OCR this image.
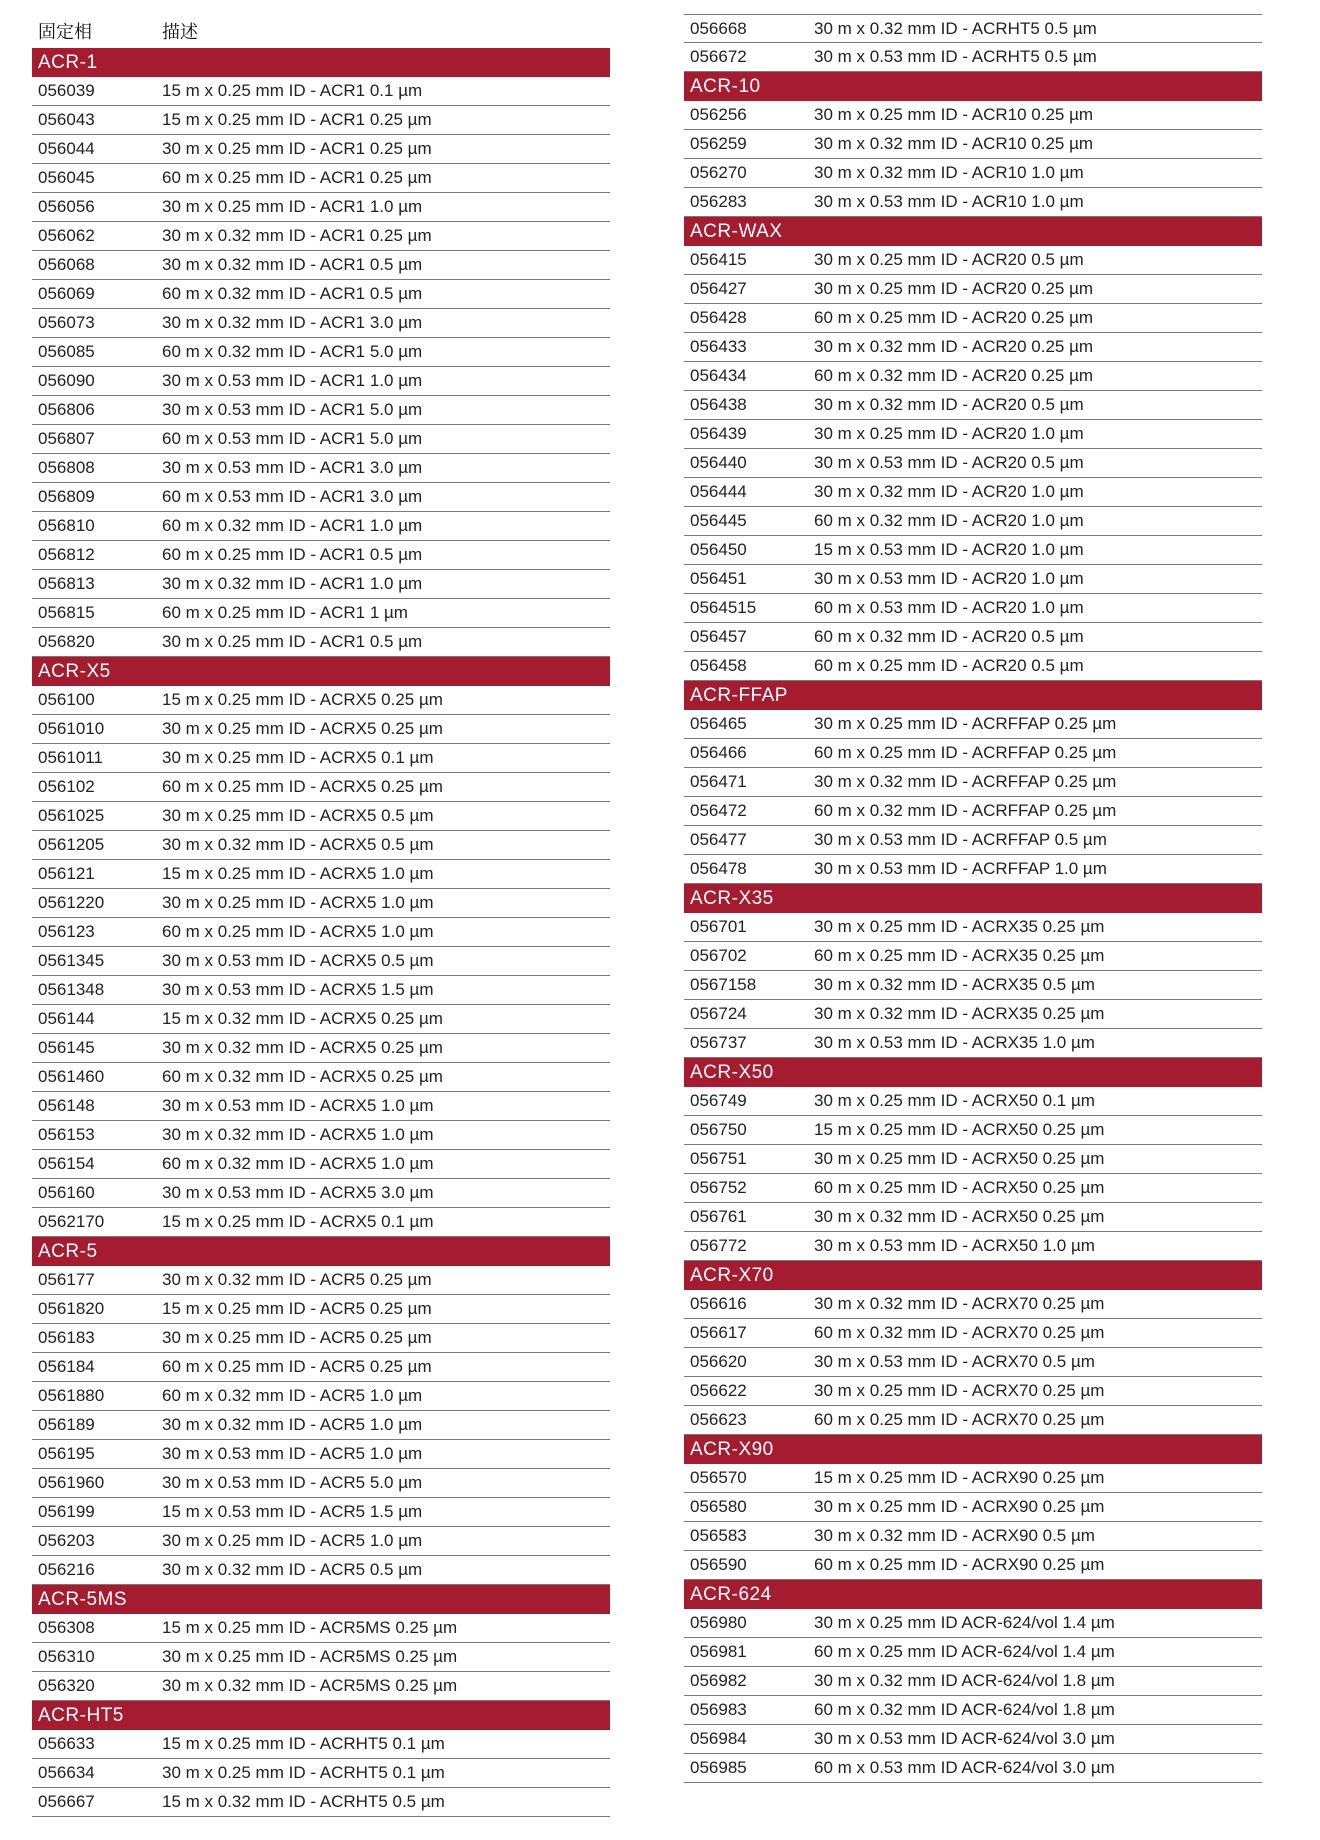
固定相	描述
ACR-1
056039	15 m x 0.25 mm ID - ACR1 0.1 µm
056043	15 m x 0.25 mm ID - ACR1 0.25 µm
056044	30 m x 0.25 mm ID - ACR1 0.25 µm
056045	60 m x 0.25 mm ID - ACR1 0.25 µm
056056	30 m x 0.25 mm ID - ACR1 1.0 µm
056062	30 m x 0.32 mm ID - ACR1 0.25 µm
056068	30 m x 0.32 mm ID - ACR1 0.5 µm
056069	60 m x 0.32 mm ID - ACR1 0.5 µm
056073	30 m x 0.32 mm ID - ACR1 3.0 µm
056085	60 m x 0.32 mm ID - ACR1 5.0 µm
056090	30 m x 0.53 mm ID - ACR1 1.0 µm
056806	30 m x 0.53 mm ID - ACR1 5.0 µm
056807	60 m x 0.53 mm ID - ACR1 5.0 µm
056808	30 m x 0.53 mm ID - ACR1 3.0 µm
056809	60 m x 0.53 mm ID - ACR1 3.0 µm
056810	60 m x 0.32 mm ID - ACR1 1.0 µm
056812	60 m x 0.25 mm ID - ACR1 0.5 µm
056813	30 m x 0.32 mm ID - ACR1 1.0 µm
056815	60 m x 0.25 mm ID - ACR1 1 µm
056820	30 m x 0.25 mm ID - ACR1 0.5 µm
ACR-X5
056100	15 m x 0.25 mm ID - ACRX5 0.25 µm
0561010	30 m x 0.25 mm ID - ACRX5 0.25 µm
0561011	30 m x 0.25 mm ID - ACRX5 0.1 µm
056102	60 m x 0.25 mm ID - ACRX5 0.25 µm
0561025	30 m x 0.25 mm ID - ACRX5 0.5 µm
0561205	30 m x 0.32 mm ID - ACRX5 0.5 µm
056121	15 m x 0.25 mm ID - ACRX5 1.0 µm
0561220	30 m x 0.25 mm ID - ACRX5 1.0 µm
056123	60 m x 0.25 mm ID - ACRX5 1.0 µm
0561345	30 m x 0.53 mm ID - ACRX5 0.5 µm
0561348	30 m x 0.53 mm ID - ACRX5 1.5 µm
056144	15 m x 0.32 mm ID - ACRX5 0.25 µm
056145	30 m x 0.32 mm ID - ACRX5 0.25 µm
0561460	60 m x 0.32 mm ID - ACRX5 0.25 µm
056148	30 m x 0.53 mm ID - ACRX5 1.0 µm
056153	30 m x 0.32 mm ID - ACRX5 1.0 µm
056154	60 m x 0.32 mm ID - ACRX5 1.0 µm
056160	30 m x 0.53 mm ID - ACRX5 3.0 µm
0562170	15 m x 0.25 mm ID - ACRX5 0.1 µm
ACR-5
056177	30 m x 0.32 mm ID - ACR5 0.25 µm
0561820	15 m x 0.25 mm ID - ACR5 0.25 µm
056183	30 m x 0.25 mm ID - ACR5 0.25 µm
056184	60 m x 0.25 mm ID - ACR5 0.25 µm
0561880	60 m x 0.32 mm ID - ACR5 1.0 µm
056189	30 m x 0.32 mm ID - ACR5 1.0 µm
056195	30 m x 0.53 mm ID - ACR5 1.0 µm
0561960	30 m x 0.53 mm ID - ACR5 5.0 µm
056199	15 m x 0.53 mm ID - ACR5 1.5 µm
056203	30 m x 0.25 mm ID - ACR5 1.0 µm
056216	30 m x 0.32 mm ID - ACR5 0.5 µm
ACR-5MS
056308	15 m x 0.25 mm ID - ACR5MS 0.25 µm
056310	30 m x 0.25 mm ID - ACR5MS 0.25 µm
056320	30 m x 0.32 mm ID - ACR5MS 0.25 µm
ACR-HT5
056633	15 m x 0.25 mm ID - ACRHT5 0.1 µm
056634	30 m x 0.25 mm ID - ACRHT5 0.1 µm
056667	15 m x 0.32 mm ID - ACRHT5 0.5 µm
056668	30 m x 0.32 mm ID - ACRHT5 0.5 µm
056672	30 m x 0.53 mm ID - ACRHT5 0.5 µm
ACR-10
056256	30 m x 0.25 mm ID - ACR10 0.25 µm
056259	30 m x 0.32 mm ID - ACR10 0.25 µm
056270	30 m x 0.32 mm ID - ACR10 1.0 µm
056283	30 m x 0.53 mm ID - ACR10 1.0 µm
ACR-WAX
056415	30 m x 0.25 mm ID - ACR20 0.5 µm
056427	30 m x 0.25 mm ID - ACR20 0.25 µm
056428	60 m x 0.25 mm ID - ACR20 0.25 µm
056433	30 m x 0.32 mm ID - ACR20 0.25 µm
056434	60 m x 0.32 mm ID - ACR20 0.25 µm
056438	30 m x 0.32 mm ID - ACR20 0.5 µm
056439	30 m x 0.25 mm ID - ACR20 1.0 µm
056440	30 m x 0.53 mm ID - ACR20 0.5 µm
056444	30 m x 0.32 mm ID - ACR20 1.0 µm
056445	60 m x 0.32 mm ID - ACR20 1.0 µm
056450	15 m x 0.53 mm ID - ACR20 1.0 µm
056451	30 m x 0.53 mm ID - ACR20 1.0 µm
0564515	60 m x 0.53 mm ID - ACR20 1.0 µm
056457	60 m x 0.32 mm ID - ACR20 0.5 µm
056458	60 m x 0.25 mm ID - ACR20 0.5 µm
ACR-FFAP
056465	30 m x 0.25 mm ID - ACRFFAP 0.25 µm
056466	60 m x 0.25 mm ID - ACRFFAP 0.25 µm
056471	30 m x 0.32 mm ID - ACRFFAP 0.25 µm
056472	60 m x 0.32 mm ID - ACRFFAP 0.25 µm
056477	30 m x 0.53 mm ID - ACRFFAP 0.5 µm
056478	30 m x 0.53 mm ID - ACRFFAP 1.0 µm
ACR-X35
056701	30 m x 0.25 mm ID - ACRX35 0.25 µm
056702	60 m x 0.25 mm ID - ACRX35 0.25 µm
0567158	30 m x 0.32 mm ID - ACRX35 0.5 µm
056724	30 m x 0.32 mm ID - ACRX35 0.25 µm
056737	30 m x 0.53 mm ID - ACRX35 1.0 µm
ACR-X50
056749	30 m x 0.25 mm ID - ACRX50 0.1 µm
056750	15 m x 0.25 mm ID - ACRX50 0.25 µm
056751	30 m x 0.25 mm ID - ACRX50 0.25 µm
056752	60 m x 0.25 mm ID - ACRX50 0.25 µm
056761	30 m x 0.32 mm ID - ACRX50 0.25 µm
056772	30 m x 0.53 mm ID - ACRX50 1.0 µm
ACR-X70
056616	30 m x 0.32 mm ID - ACRX70 0.25 µm
056617	60 m x 0.32 mm ID - ACRX70 0.25 µm
056620	30 m x 0.53 mm ID - ACRX70 0.5 µm
056622	30 m x 0.25 mm ID - ACRX70 0.25 µm
056623	60 m x 0.25 mm ID - ACRX70 0.25 µm
ACR-X90
056570	15 m x 0.25 mm ID - ACRX90 0.25 µm
056580	30 m x 0.25 mm ID - ACRX90 0.25 µm
056583	30 m x 0.32 mm ID - ACRX90 0.5 µm
056590	60 m x 0.25 mm ID - ACRX90 0.25 µm
ACR-624
056980	30 m x 0.25 mm ID ACR-624/vol 1.4 µm
056981	60 m x 0.25 mm ID ACR-624/vol 1.4 µm
056982	30 m x 0.32 mm ID ACR-624/vol 1.8 µm
056983	60 m x 0.32 mm ID ACR-624/vol 1.8 µm
056984	30 m x 0.53 mm ID ACR-624/vol 3.0 µm
056985	60 m x 0.53 mm ID ACR-624/vol 3.0 µm
